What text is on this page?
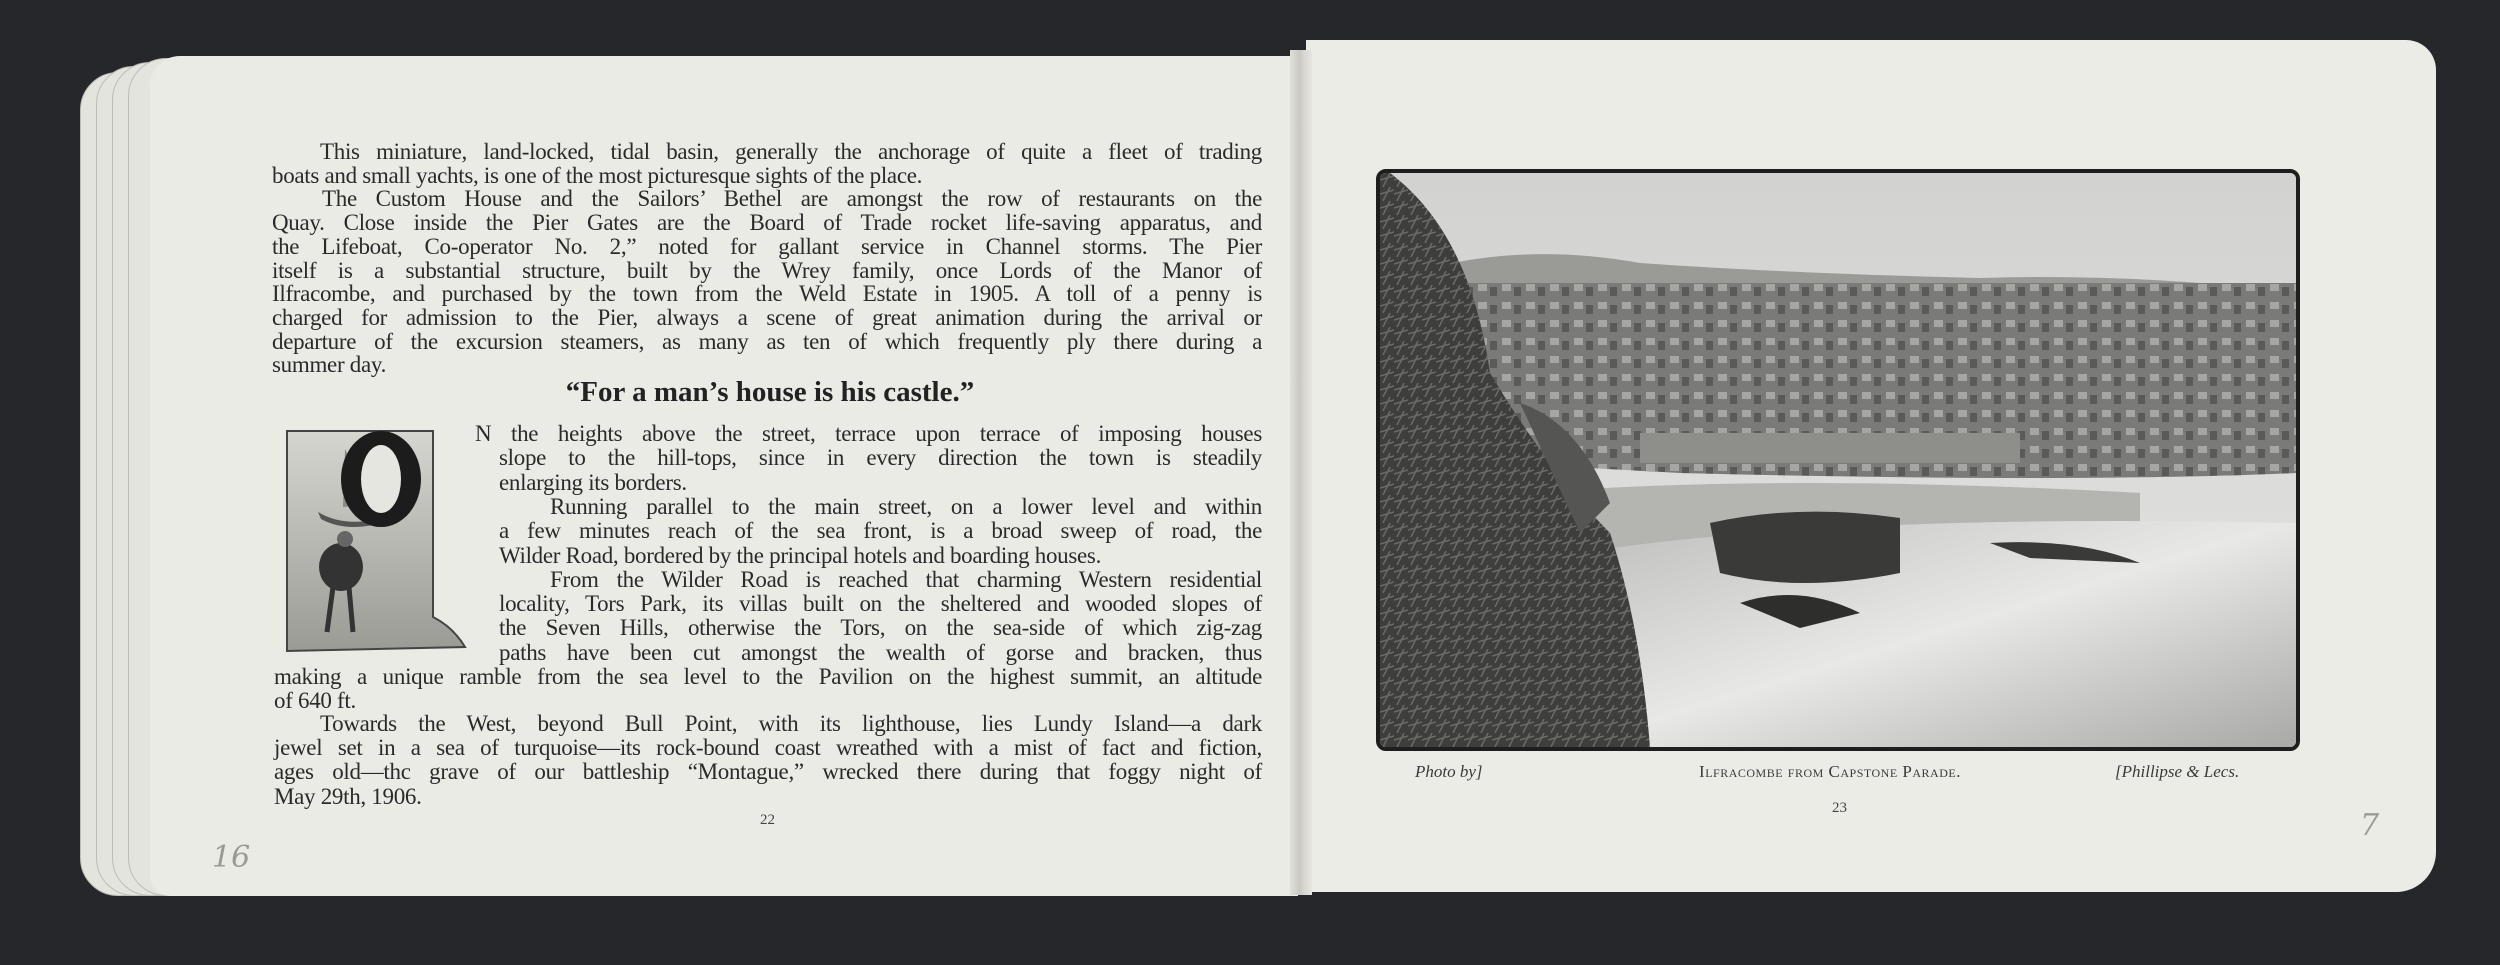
This miniature, land-locked, tidal basin, generally the anchorage of quite a fleet of trading
boats and small yachts, is one of the most picturesque sights of the place.
The Custom House and the Sailors’ Bethel are amongst the row of restaurants on the
Quay. Close inside the Pier Gates are the Board of Trade rocket life-saving apparatus, and
the Lifeboat, Co-operator No. 2,” noted for gallant service in Channel storms. The Pier
itself is a substantial structure, built by the Wrey family, once Lords of the Manor of
Ilfracombe, and purchased by the town from the Weld Estate in 1905. A toll of a penny is
charged for admission to the Pier, always a scene of great animation during the arrival or
departure of the excursion steamers, as many as ten of which frequently ply there during a
summer day.
N the heights above the street, terrace upon terrace of imposing houses
slope to the hill-tops, since in every direction the town is steadily
enlarging its borders.
Running parallel to the main street, on a lower level and within
a few minutes reach of the sea front, is a broad sweep of road, the
Wilder Road, bordered by the principal hotels and boarding houses.
From the Wilder Road is reached that charming Western residential
locality, Tors Park, its villas built on the sheltered and wooded slopes of
the Seven Hills, otherwise the Tors, on the sea-side of which zig-zag
paths have been cut amongst the wealth of gorse and bracken, thus
making a unique ramble from the sea level to the Pavilion on the highest summit, an altitude
of 640 ft.
Towards the West, beyond Bull Point, with its lighthouse, lies Lundy Island—a dark
jewel set in a sea of turquoise—its rock-bound coast wreathed with a mist of fact and fiction,
ages old—thc grave of our battleship “Montague,” wrecked there during that foggy night of
May 29th, 1906.
“For a man’s house is his castle.”
22
16
Photo by]	Ilfracombe from Capstone Parade.	[Phillipse & Lecs.
23	7
